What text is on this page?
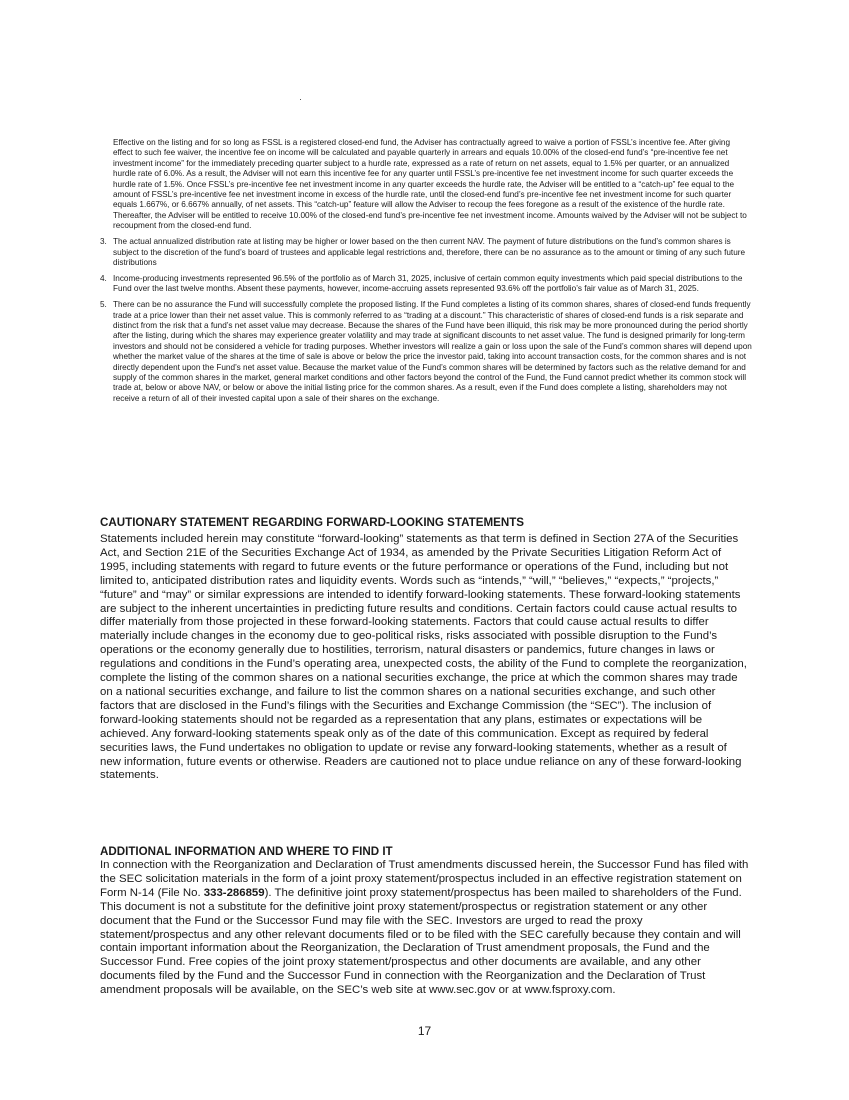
Effective on the listing and for so long as FSSL is a registered closed-end fund, the Adviser has contractually agreed to waive a portion of FSSL’s incentive fee. After giving effect to such fee waiver, the incentive fee on income will be calculated and payable quarterly in arrears and equals 10.00% of the closed-end fund’s “pre-incentive fee net investment income” for the immediately preceding quarter subject to a hurdle rate, expressed as a rate of return on net assets, equal to 1.5% per quarter, or an annualized hurdle rate of 6.0%. As a result, the Adviser will not earn this incentive fee for any quarter until FSSL’s pre-incentive fee net investment income for such quarter exceeds the hurdle rate of 1.5%. Once FSSL’s pre-incentive fee net investment income in any quarter exceeds the hurdle rate, the Adviser will be entitled to a “catch-up” fee equal to the amount of FSSL’s pre-incentive fee net investment income in excess of the hurdle rate, until the closed-end fund’s pre-incentive fee net investment income for such quarter equals 1.667%, or 6.667% annually, of net assets. This “catch-up” feature will allow the Adviser to recoup the fees foregone as a result of the existence of the hurdle rate. Thereafter, the Adviser will be entitled to receive 10.00% of the closed-end fund’s pre-incentive fee net investment income. Amounts waived by the Adviser will not be subject to recoupment from the closed-end fund.

3. The actual annualized distribution rate at listing may be higher or lower based on the then current NAV. The payment of future distributions on the fund’s common shares is subject to the discretion of the fund’s board of trustees and applicable legal restrictions and, therefore, there can be no assurance as to the amount or timing of any such future distributions
4. Income-producing investments represented 96.5% of the portfolio as of March 31, 2025, inclusive of certain common equity investments which paid special distributions to the Fund over the last twelve months. Absent these payments, however, income-accruing assets represented 93.6% off the portfolio’s fair value as of March 31, 2025.
5. There can be no assurance the Fund will successfully complete the proposed listing. If the Fund completes a listing of its common shares, shares of closed-end funds frequently trade at a price lower than their net asset value. This is commonly referred to as “trading at a discount.” This characteristic of shares of closed-end funds is a risk separate and distinct from the risk that a fund’s net asset value may decrease. Because the shares of the Fund have been illiquid, this risk may be more pronounced during the period shortly after the listing, during which the shares may experience greater volatility and may trade at significant discounts to net asset value. The fund is designed primarily for long-term investors and should not be considered a vehicle for trading purposes. Whether investors will realize a gain or loss upon the sale of the Fund’s common shares will depend upon whether the market value of the shares at the time of sale is above or below the price the investor paid, taking into account transaction costs, for the common shares and is not directly dependent upon the Fund’s net asset value. Because the market value of the Fund’s common shares will be determined by factors such as the relative demand for and supply of the common shares in the market, general market conditions and other factors beyond the control of the Fund, the Fund cannot predict whether its common stock will trade at, below or above NAV, or below or above the initial listing price for the common shares. As a result, even if the Fund does complete a listing, shareholders may not receive a return of all of their invested capital upon a sale of their shares on the exchange.
CAUTIONARY STATEMENT REGARDING FORWARD-LOOKING STATEMENTS

Statements included herein may constitute “forward-looking” statements as that term is defined in Section 27A of the Securities Act, and Section 21E of the Securities Exchange Act of 1934, as amended by the Private Securities Litigation Reform Act of 1995, including statements with regard to future events or the future performance or operations of the Fund, including but not limited to, anticipated distribution rates and liquidity events. Words such as “intends,” “will,” “believes,” “expects,” “projects,” “future” and “may” or similar expressions are intended to identify forward-looking statements. These forward-looking statements are subject to the inherent uncertainties in predicting future results and conditions. Certain factors could cause actual results to differ materially from those projected in these forward-looking statements. Factors that could cause actual results to differ materially include changes in the economy due to geo-political risks, risks associated with possible disruption to the Fund’s operations or the economy generally due to hostilities, terrorism, natural disasters or pandemics, future changes in laws or regulations and conditions in the Fund’s operating area, unexpected costs, the ability of the Fund to complete the reorganization, complete the listing of the common shares on a national securities exchange, the price at which the common shares may trade on a national securities exchange, and failure to list the common shares on a national securities exchange, and such other factors that are disclosed in the Fund’s filings with the Securities and Exchange Commission (the “SEC”). The inclusion of forward-looking statements should not be regarded as a representation that any plans, estimates or expectations will be achieved. Any forward-looking statements speak only as of the date of this communication. Except as required by federal securities laws, the Fund undertakes no obligation to update or revise any forward-looking statements, whether as a result of new information, future events or otherwise. Readers are cautioned not to place undue reliance on any of these forward-looking statements.

ADDITIONAL INFORMATION AND WHERE TO FIND IT

In connection with the Reorganization and Declaration of Trust amendments discussed herein, the Successor Fund has filed with the SEC solicitation materials in the form of a joint proxy statement/prospectus included in an effective registration statement on Form N-14 (File No. 333-286859). The definitive joint proxy statement/prospectus has been mailed to shareholders of the Fund. This document is not a substitute for the definitive joint proxy statement/prospectus or registration statement or any other document that the Fund or the Successor Fund may file with the SEC. Investors are urged to read the proxy statement/prospectus and any other relevant documents filed or to be filed with the SEC carefully because they contain and will contain important information about the Reorganization, the Declaration of Trust amendment proposals, the Fund and the Successor Fund. Free copies of the joint proxy statement/prospectus and other documents are available, and any other documents filed by the Fund and the Successor Fund in connection with the Reorganization and the Declaration of Trust amendment proposals will be available, on the SEC’s web site at www.sec.gov or at www.fsproxy.com.

17
